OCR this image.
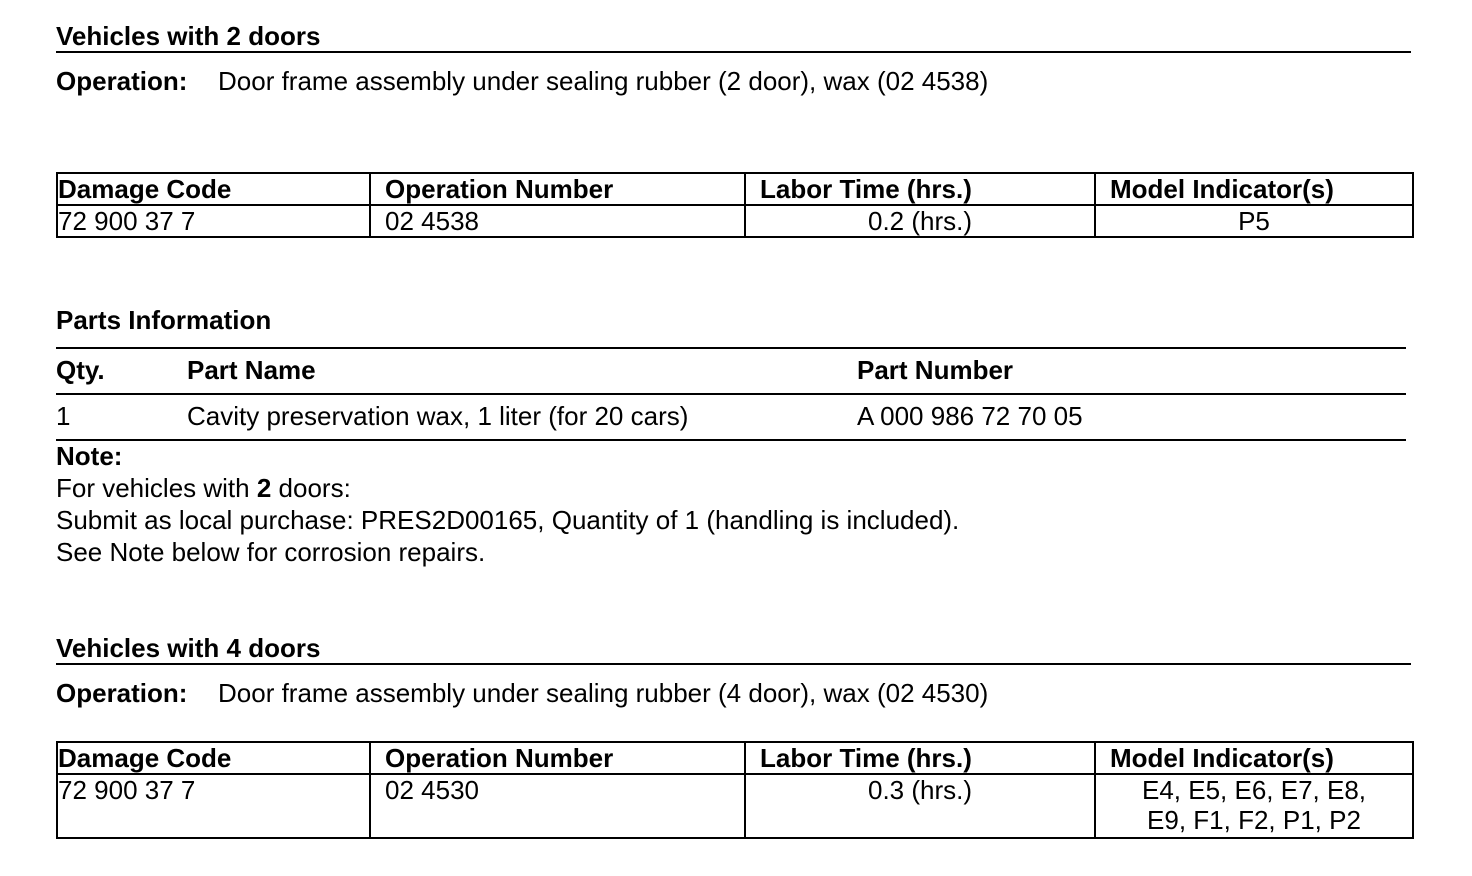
Vehicles with 2 doors
Operation: Door frame assembly under sealing rubber (2 door), wax (02 4538)
Damage Code	Operation Number	Labor Time (hrs.)	Model Indicator(s)
72 900 37 7	02 4538	0.2 (hrs.)	P5
Parts Information
Qty.	Part Name	Part Number
1	Cavity preservation wax, 1 liter (for 20 cars)	A 000 986 72 70 05
Note:
For vehicles with 2 doors:
Submit as local purchase: PRES2D00165, Quantity of 1 (handling is included).
See Note below for corrosion repairs.
Vehicles with 4 doors
Operation: Door frame assembly under sealing rubber (4 door), wax (02 4530)
Damage Code	Operation Number	Labor Time (hrs.)	Model Indicator(s)
72 900 37 7	02 4530	0.3 (hrs.)	E4, E5, E6, E7, E8,
E9, F1, F2, P1, P2
